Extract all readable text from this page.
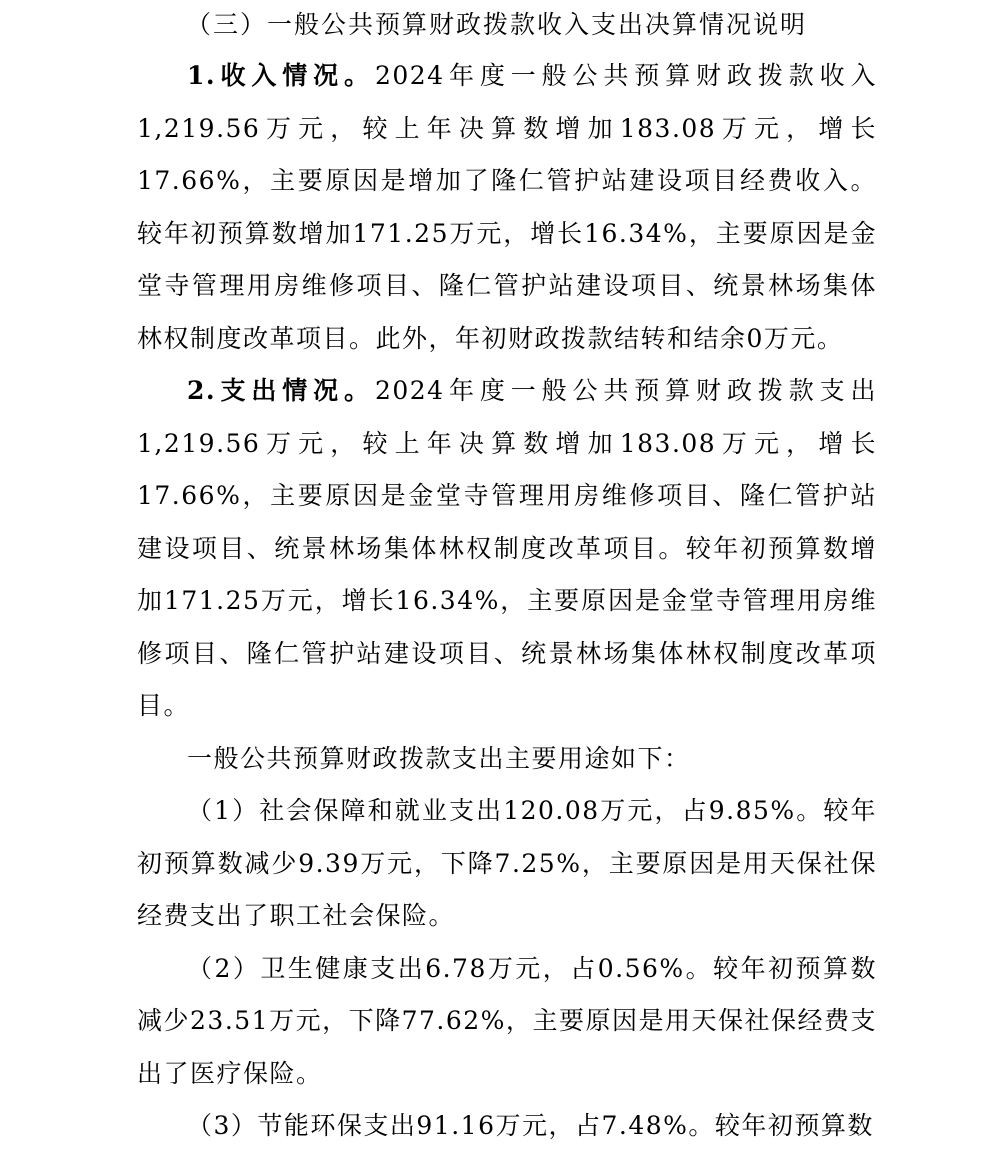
（三）一般公共预算财政拨款收入支出决算情况说明

1.收入情况。2024年度一般公共预算财政拨款收入1,219.56万元，较上年决算数增加183.08万元，增长17.66%，主要原因是增加了隆仁管护站建设项目经费收入。较年初预算数增加171.25万元，增长16.34%，主要原因是金堂寺管理用房维修项目、隆仁管护站建设项目、统景林场集体林权制度改革项目。此外，年初财政拨款结转和结余0万元。

2.支出情况。2024年度一般公共预算财政拨款支出1,219.56万元，较上年决算数增加183.08万元，增长17.66%，主要原因是金堂寺管理用房维修项目、隆仁管护站建设项目、统景林场集体林权制度改革项目。较年初预算数增加171.25万元，增长16.34%，主要原因是金堂寺管理用房维修项目、隆仁管护站建设项目、统景林场集体林权制度改革项目。

一般公共预算财政拨款支出主要用途如下：

（1）社会保障和就业支出120.08万元，占9.85%。较年初预算数减少9.39万元，下降7.25%，主要原因是用天保社保经费支出了职工社会保险。

（2）卫生健康支出6.78万元，占0.56%。较年初预算数减少23.51万元，下降77.62%，主要原因是用天保社保经费支出了医疗保险。

（3）节能环保支出91.16万元，占7.48%。较年初预算数
